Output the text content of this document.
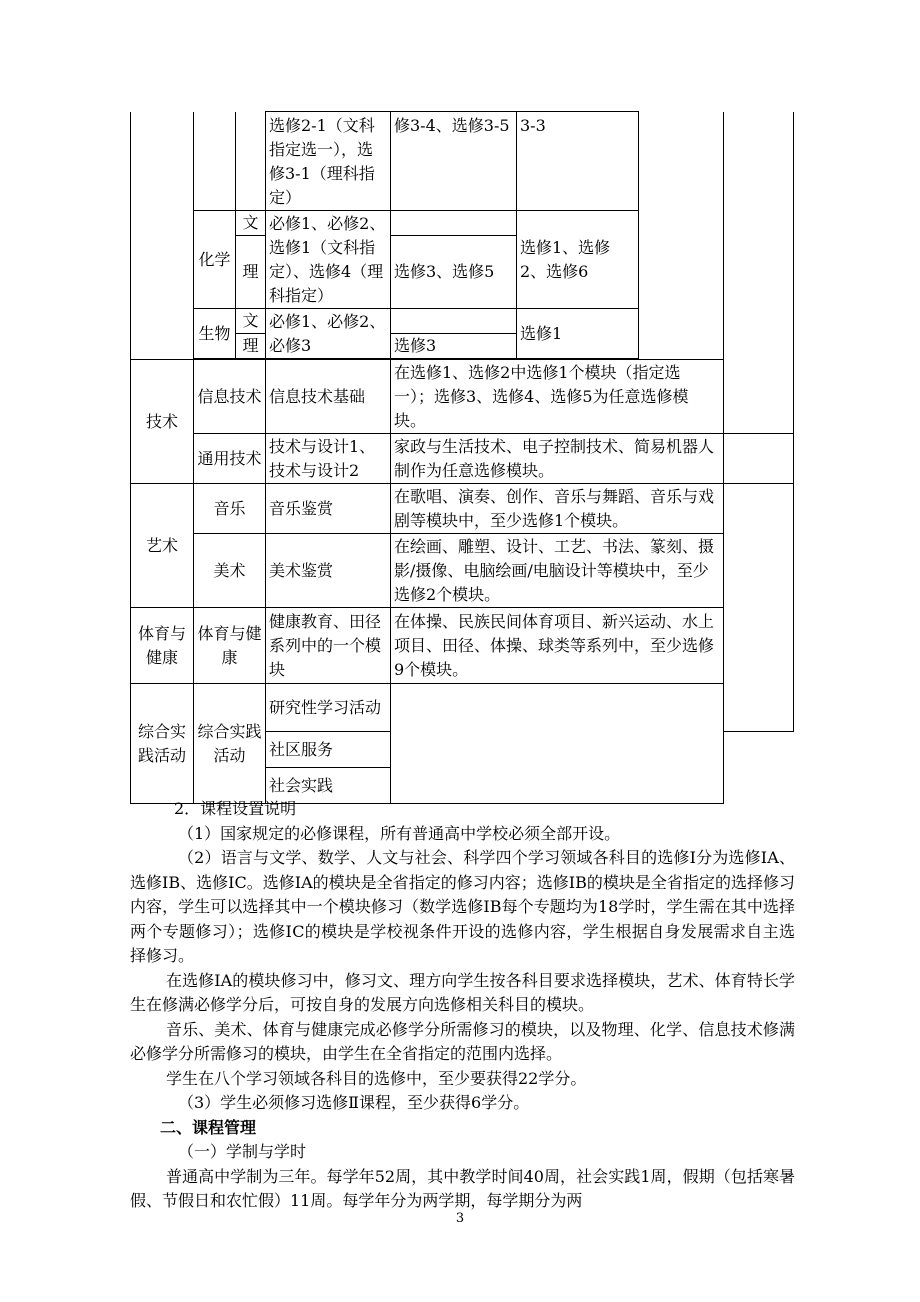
			选修2-1（文科指定选一），选修3-1（理科指定）	修3-4、选修3-5	3-3		
	化学	文	必修1、必修2、选修1（文科指定）、选修4（理科指定）		选修1、选修2、选修6		
		理		选修3、选修5			
	生物	文	必修1、必修2、必修3		选修1		
		理		选修3			

技术	信息技术		信息技术基础	在选修1、选修2中选修1个模块（指定选一）；选修3、选修4、选修5为任意选修模块。			
	通用技术		技术与设计1、技术与设计2	家政与生活技术、电子控制技术、简易机器人制作为任意选修模块。			
艺术	音乐		音乐鉴赏	在歌唱、演奏、创作、音乐与舞蹈、音乐与戏剧等模块中，至少选修1个模块。			
	美术		美术鉴赏	在绘画、雕塑、设计、工艺、书法、篆刻、摄影/摄像、电脑绘画/电脑设计等模块中，至少选修2个模块。			
体育与健康	体育与健康		健康教育、田径系列中的一个模块	在体操、民族民间体育项目、新兴运动、水上项目、田径、体操、球类等系列中，至少选修9个模块。			
综合实践活动	综合实践活动		研究性学习活动				
			社区服务				
			社会实践				

2．课程设置说明

（1）国家规定的必修课程，所有普通高中学校必须全部开设。

（2）语言与文学、数学、人文与社会、科学四个学习领域各科目的选修Ⅰ分为选修ⅠA、选修ⅠB、选修ⅠC。选修ⅠA的模块是全省指定的修习内容；选修ⅠB的模块是全省指定的选择修习内容，学生可以选择其中一个模块修习（数学选修ⅠB每个专题均为18学时，学生需在其中选择两个专题修习）；选修ⅠC的模块是学校视条件开设的选修内容，学生根据自身发展需求自主选择修习。

在选修ⅠA的模块修习中，修习文、理方向学生按各科目要求选择模块，艺术、体育特长学生在修满必修学分后，可按自身的发展方向选修相关科目的模块。

音乐、美术、体育与健康完成必修学分所需修习的模块，以及物理、化学、信息技术修满必修学分所需修习的模块，由学生在全省指定的范围内选择。

学生在八个学习领域各科目的选修中，至少要获得22学分。

（3）学生必须修习选修Ⅱ课程，至少获得6学分。

二、课程管理

（一）学制与学时

普通高中学制为三年。每学年52周，其中教学时间40周，社会实践1周，假期（包括寒暑假、节假日和农忙假）11周。每学年分为两学期，每学期分为两

3
